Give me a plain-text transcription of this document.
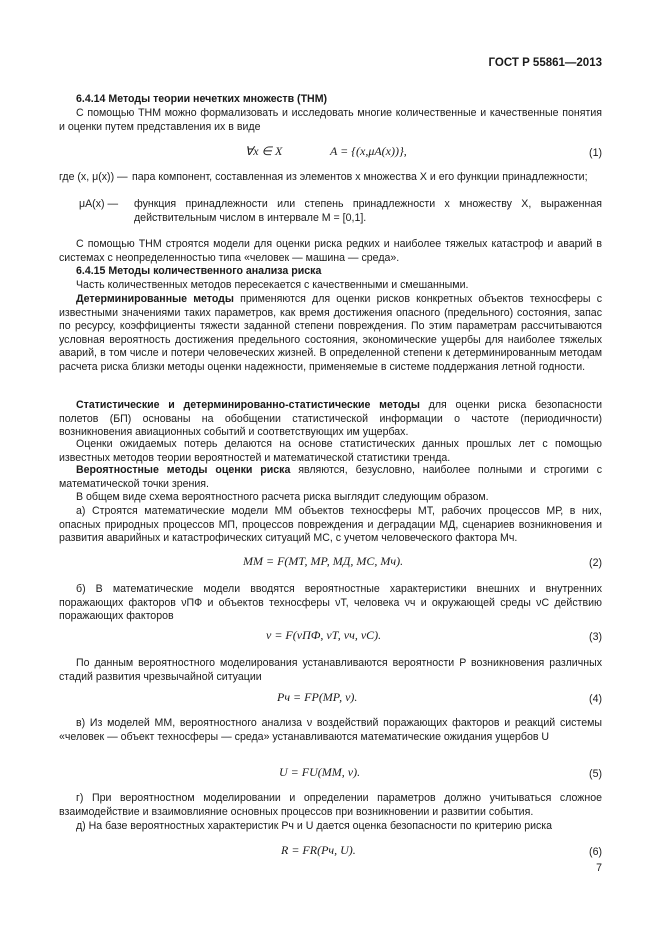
ГОСТ Р 55861—2013
6.4.14 Методы теории нечетких множеств (ТНМ)
С помощью ТНМ можно формализовать и исследовать многие количественные и качественные понятия и оценки путем представления их в виде
∀x ∈ X	A = {(x,μA(x))},	(1)
где (x, μ(x)) — пара компонент, составленная из элементов x множества X и его функции принадлежности;
μA(x) — функция принадлежности или степень принадлежности x множеству X, выраженная действительным числом в интервале M = [0,1].
С помощью ТНМ строятся модели для оценки риска редких и наиболее тяжелых катастроф и аварий в системах с неопределенностью типа «человек — машина — среда».
6.4.15 Методы количественного анализа риска
Часть количественных методов пересекается с качественными и смешанными.
Детерминированные методы применяются для оценки рисков конкретных объектов техносферы с известными значениями таких параметров, как время достижения опасного (предельного) состояния, запас по ресурсу, коэффициенты тяжести заданной степени повреждения. По этим параметрам рассчитываются условная вероятность достижения предельного состояния, экономические ущербы для наиболее тяжелых аварий, в том числе и потери человеческих жизней. В определенной степени к детерминированным методам расчета риска близки методы оценки надежности, применяемые в системе поддержания летной годности.
Статистические и детерминированно-статистические методы для оценки риска безопасности полетов (БП) основаны на обобщении статистической информации о частоте (периодичности) возникновения авиационных событий и соответствующих им ущербах.
Оценки ожидаемых потерь делаются на основе статистических данных прошлых лет с помощью известных методов теории вероятностей и математической статистики тренда.
Вероятностные методы оценки риска являются, безусловно, наиболее полными и строгими с математической точки зрения.
В общем виде схема вероятностного расчета риска выглядит следующим образом.
а) Строятся математические модели MМ объектов техносферы MТ, рабочих процессов MР, в них, опасных природных процессов MП, процессов повреждения и деградации MД, сценариев возникновения и развития аварийных и катастрофических ситуаций MС, с учетом человеческого фактора Mч.
MМ = F(MТ, MР, MД, MС, Mч).	(2)
б) В математические модели вводятся вероятностные характеристики внешних и внутренних поражающих факторов νПФ и объектов техносферы νТ, человека νч и окружающей среды νС действию поражающих факторов
ν = F(νПФ, νТ, νч, νС).	(3)
По данным вероятностного моделирования устанавливаются вероятности P возникновения различных стадий развития чрезвычайной ситуации
Pч = FР(MР, ν).	(4)
в) Из моделей MМ, вероятностного анализа ν воздействий поражающих факторов и реакций системы «человек — объект техносферы — среда» устанавливаются математические ожидания ущербов U
U = FU(MМ, ν).	(5)
г) При вероятностном моделировании и определении параметров должно учитываться сложное взаимодействие и взаимовлияние основных процессов при возникновении и развитии события.
д) На базе вероятностных характеристик Pч и U дается оценка безопасности по критерию риска
R = FR(Pч, U).	(6)
7
